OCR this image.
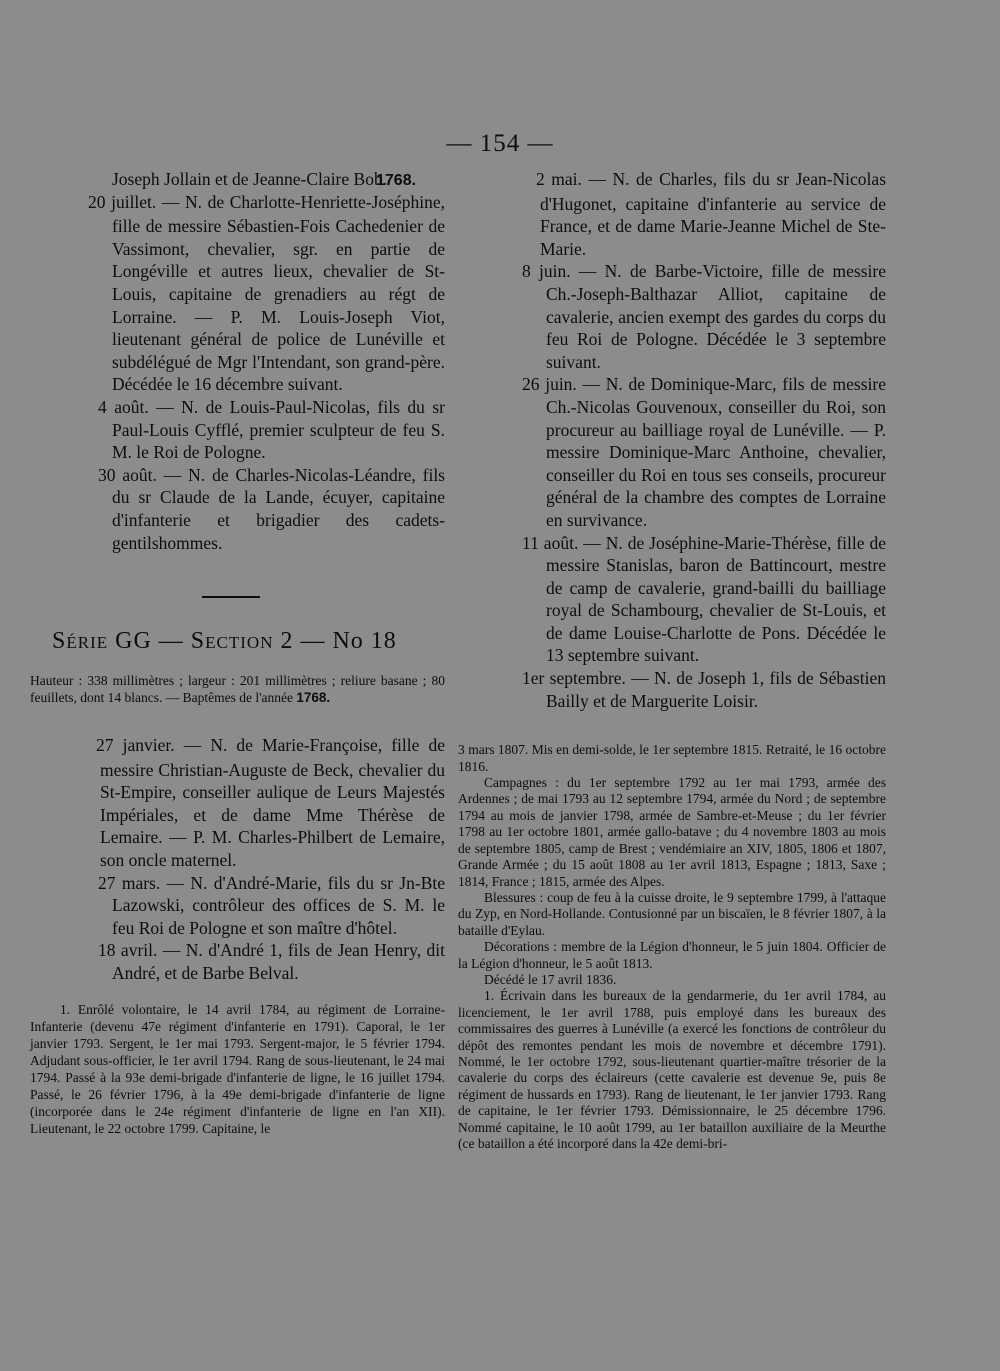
— 154 —

Joseph Jollain et de Jeanne-Claire Bob.

20 juillet. — N. de Charlotte-Henriette-Joséphine, fille de messire Sébastien-Fois Cachedenier de Vassimont, chevalier, sgr. en partie de Longéville et autres lieux, chevalier de St-Louis, capitaine de grenadiers au régt de Lorraine. — P. M. Louis-Joseph Viot, lieutenant général de police de Lunéville et subdélégué de Mgr l'Intendant, son grand-père. Décédée le 16 décembre suivant.

4 août. — N. de Louis-Paul-Nicolas, fils du sr Paul-Louis Cyfflé, premier sculpteur de feu S. M. le Roi de Pologne.

30 août. — N. de Charles-Nicolas-Léandre, fils du sr Claude de la Lande, écuyer, capitaine d'infanterie et brigadier des cadets-gentilshommes.

Série GG — Section 2 — No 18

Hauteur : 338 millimètres ; largeur : 201 millimètres ; reliure basane ; 80 feuillets, dont 14 blancs. — Baptêmes de l'année 1768.

27 janvier. — N. de Marie-Françoise, fille de messire Christian-Auguste de Beck, chevalier du St-Empire, conseiller aulique de Leurs Majestés Impériales, et de dame Mme Thérèse de Lemaire. — P. M. Charles-Philbert de Lemaire, son oncle maternel.

27 mars. — N. d'André-Marie, fils du sr Jn-Bte Lazowski, contrôleur des offices de S. M. le feu Roi de Pologne et son maître d'hôtel.

18 avril. — N. d'André 1, fils de Jean Henry, dit André, et de Barbe Belval.

1. Enrôlé volontaire, le 14 avril 1784, au régiment de Lorraine-Infanterie (devenu 47e régiment d'infanterie en 1791). Caporal, le 1er janvier 1793. Sergent, le 1er mai 1793. Sergent-major, le 5 février 1794. Adjudant sous-officier, le 1er avril 1794. Rang de sous-lieutenant, le 24 mai 1794. Passé à la 93e demi-brigade d'infanterie de ligne, le 16 juillet 1794. Passé, le 26 février 1796, à la 49e demi-brigade d'infanterie de ligne (incorporée dans le 24e régiment d'infanterie de ligne en l'an XII). Lieutenant, le 22 octobre 1799. Capitaine, le

1768.	2 mai. — N. de Charles, fils du sr Jean-Nicolas d'Hugonet, capitaine d'infanterie au service de France, et de dame Marie-Jeanne Michel de Ste-Marie.

8 juin. — N. de Barbe-Victoire, fille de messire Ch.-Joseph-Balthazar Alliot, capitaine de cavalerie, ancien exempt des gardes du corps du feu Roi de Pologne. Décédée le 3 septembre suivant.

26 juin. — N. de Dominique-Marc, fils de messire Ch.-Nicolas Gouvenoux, conseiller du Roi, son procureur au bailliage royal de Lunéville. — P. messire Dominique-Marc Anthoine, chevalier, conseiller du Roi en tous ses conseils, procureur général de la chambre des comptes de Lorraine en survivance.

11 août. — N. de Joséphine-Marie-Thérèse, fille de messire Stanislas, baron de Battincourt, mestre de camp de cavalerie, grand-bailli du bailliage royal de Schambourg, chevalier de St-Louis, et de dame Louise-Charlotte de Pons. Décédée le 13 septembre suivant.

1er septembre. — N. de Joseph 1, fils de Sébastien Bailly et de Marguerite Loisir.

3 mars 1807. Mis en demi-solde, le 1er septembre 1815. Retraité, le 16 octobre 1816.

Campagnes : du 1er septembre 1792 au 1er mai 1793, armée des Ardennes ; de mai 1793 au 12 septembre 1794, armée du Nord ; de septembre 1794 au mois de janvier 1798, armée de Sambre-et-Meuse ; du 1er février 1798 au 1er octobre 1801, armée gallo-batave ; du 4 novembre 1803 au mois de septembre 1805, camp de Brest ; vendémiaire an XIV, 1805, 1806 et 1807, Grande Armée ; du 15 août 1808 au 1er avril 1813, Espagne ; 1813, Saxe ; 1814, France ; 1815, armée des Alpes.

Blessures : coup de feu à la cuisse droite, le 9 septembre 1799, à l'attaque du Zyp, en Nord-Hollande. Contusionné par un biscaïen, le 8 février 1807, à la bataille d'Eylau.

Décorations : membre de la Légion d'honneur, le 5 juin 1804. Officier de la Légion d'honneur, le 5 août 1813.

Décédé le 17 avril 1836.

1. Écrivain dans les bureaux de la gendarmerie, du 1er avril 1784, au licenciement, le 1er avril 1788, puis employé dans les bureaux des commissaires des guerres à Lunéville (a exercé les fonctions de contrôleur du dépôt des remontes pendant les mois de novembre et décembre 1791). Nommé, le 1er octobre 1792, sous-lieutenant quartier-maître trésorier de la cavalerie du corps des éclaireurs (cette cavalerie est devenue 9e, puis 8e régiment de hussards en 1793). Rang de lieutenant, le 1er janvier 1793. Rang de capitaine, le 1er février 1793. Démissionnaire, le 25 décembre 1796. Nommé capitaine, le 10 août 1799, au 1er bataillon auxiliaire de la Meurthe (ce bataillon a été incorporé dans la 42e demi-bri-
